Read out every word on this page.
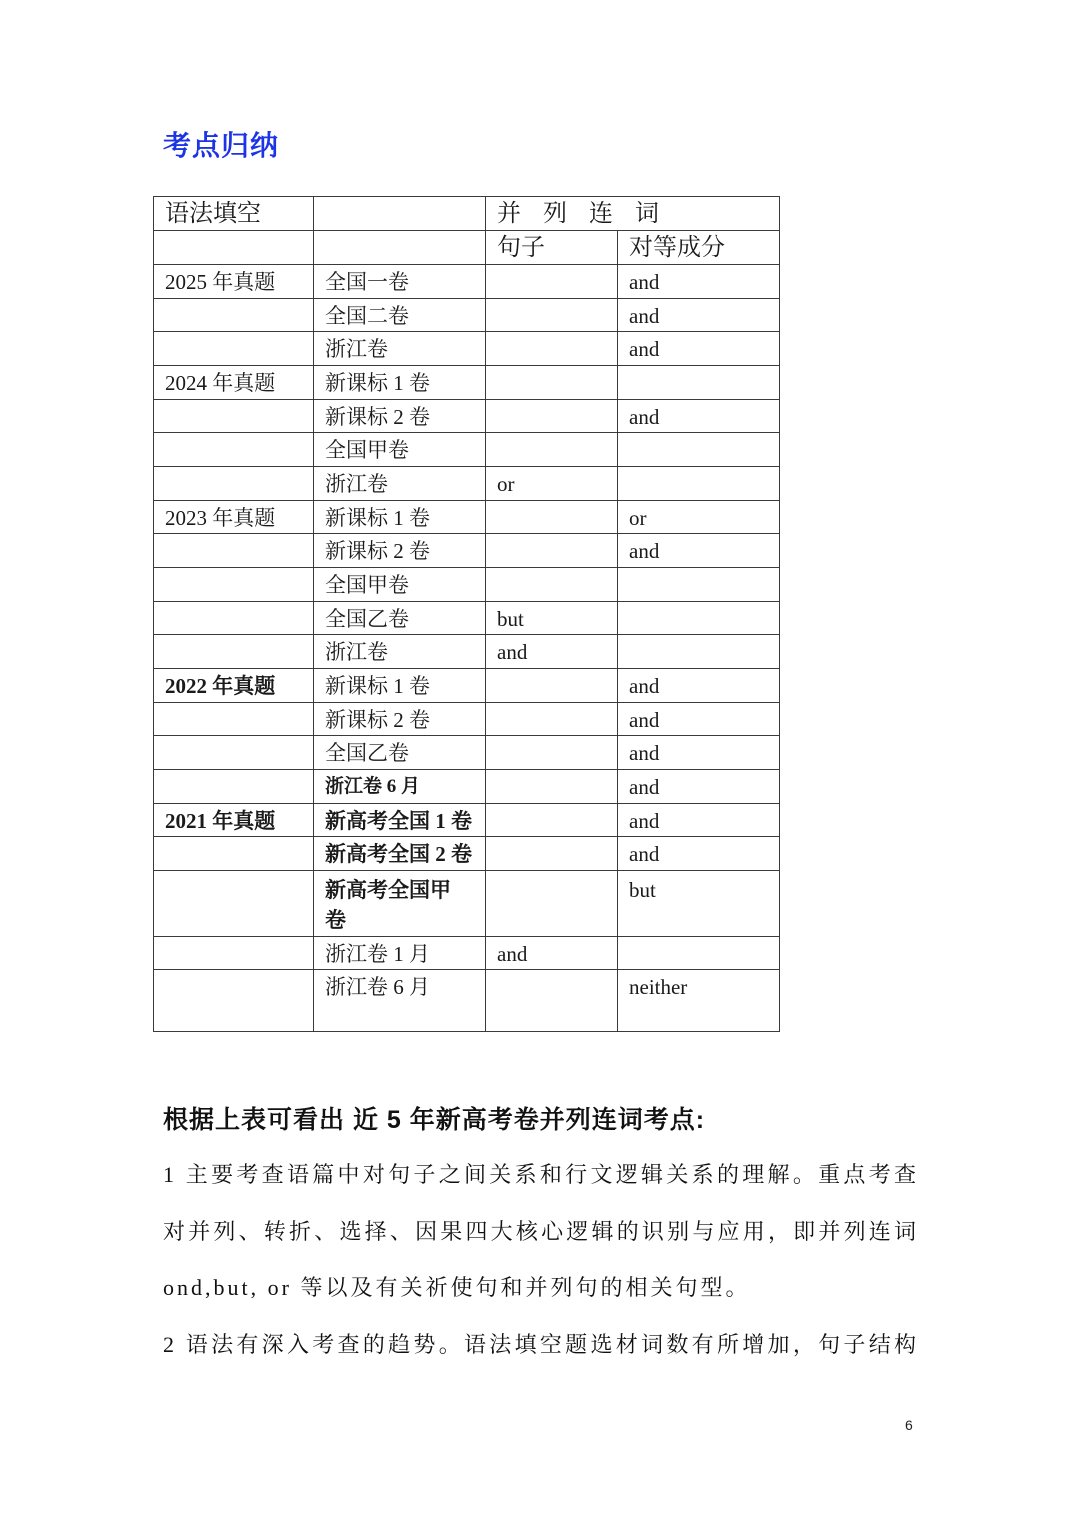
考点归纳
语法填空		并 列 连 词	
		句子	对等成分
2025 年真题	全国一卷		and
	全国二卷		and
	浙江卷		and
2024 年真题	新课标 1 卷		
	新课标 2 卷		and
	全国甲卷		
	浙江卷	or	
2023 年真题	新课标 1 卷		or
	新课标 2 卷		and
	全国甲卷		
	全国乙卷	but	
	浙江卷	and	
2022 年真题	新课标 1 卷		and
	新课标 2 卷		and
	全国乙卷		and
	浙江卷 6 月		and
2021 年真题	新高考全国 1 卷		and
	新高考全国 2 卷		and
	新高考全国甲卷		but
	浙江卷 1 月	and	
	浙江卷 6 月		neither
根据上表可看出 近 5 年新高考卷并列连词考点:
1 主要考查语篇中对句子之间关系和行文逻辑关系的理解。重点考查
对并列、转折、选择、因果四大核心逻辑的识别与应用，即并列连词
ond,but, or 等以及有关祈使句和并列句的相关句型。
2 语法有深入考查的趋势。语法填空题选材词数有所增加，句子结构
6
